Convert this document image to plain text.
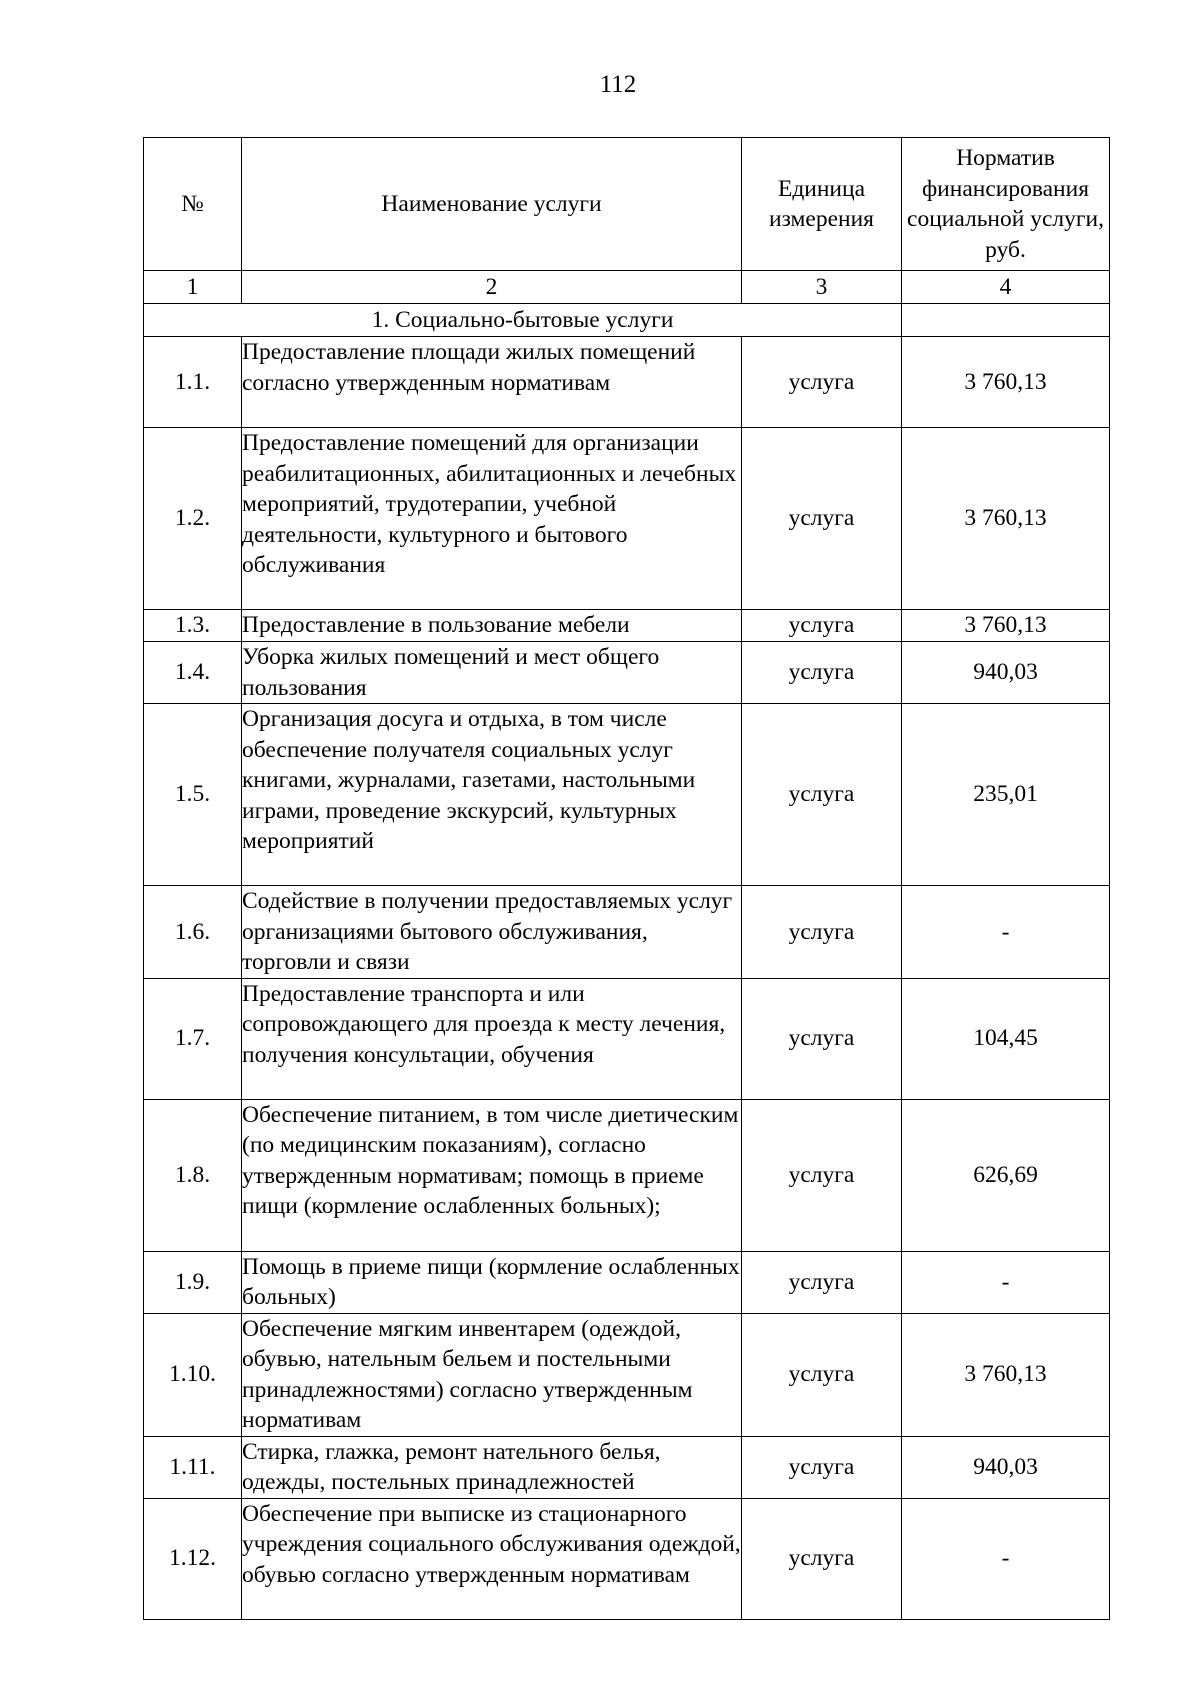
112
№	Наименование услуги	Единица измерения	Норматив финансирования социальной услуги, руб.
1	2	3	4
1. Социально-бытовые услуги			
1.1.	Предоставление площади жилых помещений согласно утвержденным нормативам	услуга	3 760,13
1.2.	Предоставление помещений для организации реабилитационных, абилитационных и лечебных мероприятий, трудотерапии, учебной деятельности, культурного и бытового обслуживания	услуга	3 760,13
1.3.	Предоставление в пользование мебели	услуга	3 760,13
1.4.	Уборка жилых помещений и мест общего пользования	услуга	940,03
1.5.	Организация досуга и отдыха, в том числе обеспечение получателя социальных услуг книгами, журналами, газетами, настольными играми, проведение экскурсий, культурных мероприятий	услуга	235,01
1.6.	Содействие в получении предоставляемых услуг организациями бытового обслуживания, торговли и связи	услуга	-
1.7.	Предоставление транспорта и или сопровождающего для проезда к месту лечения, получения консультации, обучения	услуга	104,45
1.8.	Обеспечение питанием, в том числе диетическим (по медицинским показаниям), согласно утвержденным нормативам; помощь в приеме пищи (кормление ослабленных больных);	услуга	626,69
1.9.	Помощь в приеме пищи (кормление ослабленных больных)	услуга	-
1.10.	Обеспечение мягким инвентарем (одеждой, обувью, нательным бельем и постельными принадлежностями) согласно утвержденным нормативам	услуга	3 760,13
1.11.	Стирка, глажка, ремонт нательного белья, одежды, постельных принадлежностей	услуга	940,03
1.12.	Обеспечение при выписке из стационарного учреждения социального обслуживания одеждой, обувью согласно утвержденным нормативам	услуга	-
